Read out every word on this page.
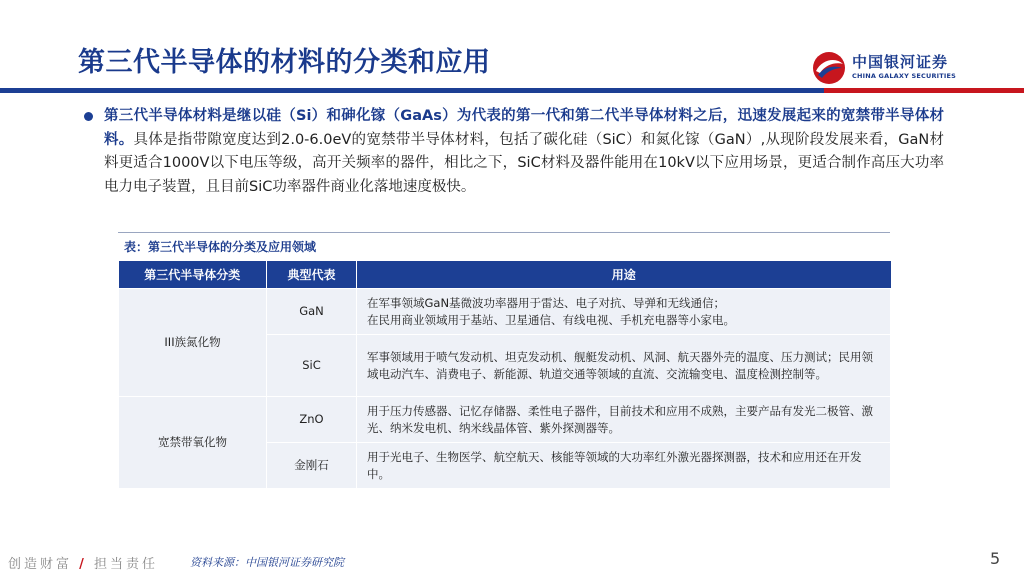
第三代半导体的材料的分类和应用	中国银河证券
CHINA GALAXY SECURITIES
第三代半导体材料是继以硅（Si）和砷化镓（GaAs）为代表的第一代和第二代半导体材料之后，迅速发展起来的宽禁带半导体材料。具体是指带隙宽度达到2.0-6.0eV的宽禁带半导体材料，包括了碳化硅（SiC）和氮化镓（GaN）,从现阶段发展来看，GaN材料更适合1000V以下电压等级，高开关频率的器件，相比之下，SiC材料及器件能用在10kV以下应用场景，更适合制作高压大功率电力电子装置，且目前SiC功率器件商业化落地速度极快。
表：第三代半导体的分类及应用领域
第三代半导体分类	典型代表	用途
III族氮化物	GaN	在军事领域GaN基微波功率器用于雷达、电子对抗、导弹和无线通信；
在民用商业领域用于基站、卫星通信、有线电视、手机充电器等小家电。
	SiC	军事领域用于喷气发动机、坦克发动机、舰艇发动机、风洞、航天器外壳的温度、压力测试；民用领域电动汽车、消费电子、新能源、轨道交通等领域的直流、交流输变电、温度检测控制等。
宽禁带氧化物	ZnO	用于压力传感器、记忆存储器、柔性电子器件，目前技术和应用不成熟，主要产品有发光二极管、激光、纳米发电机、纳米线晶体管、紫外探测器等。
	金刚石	用于光电子、生物医学、航空航天、核能等领域的大功率红外激光器探测器，技术和应用还在开发中。
创造财富 / 担当责任	资料来源：中国银河证券研究院	5
